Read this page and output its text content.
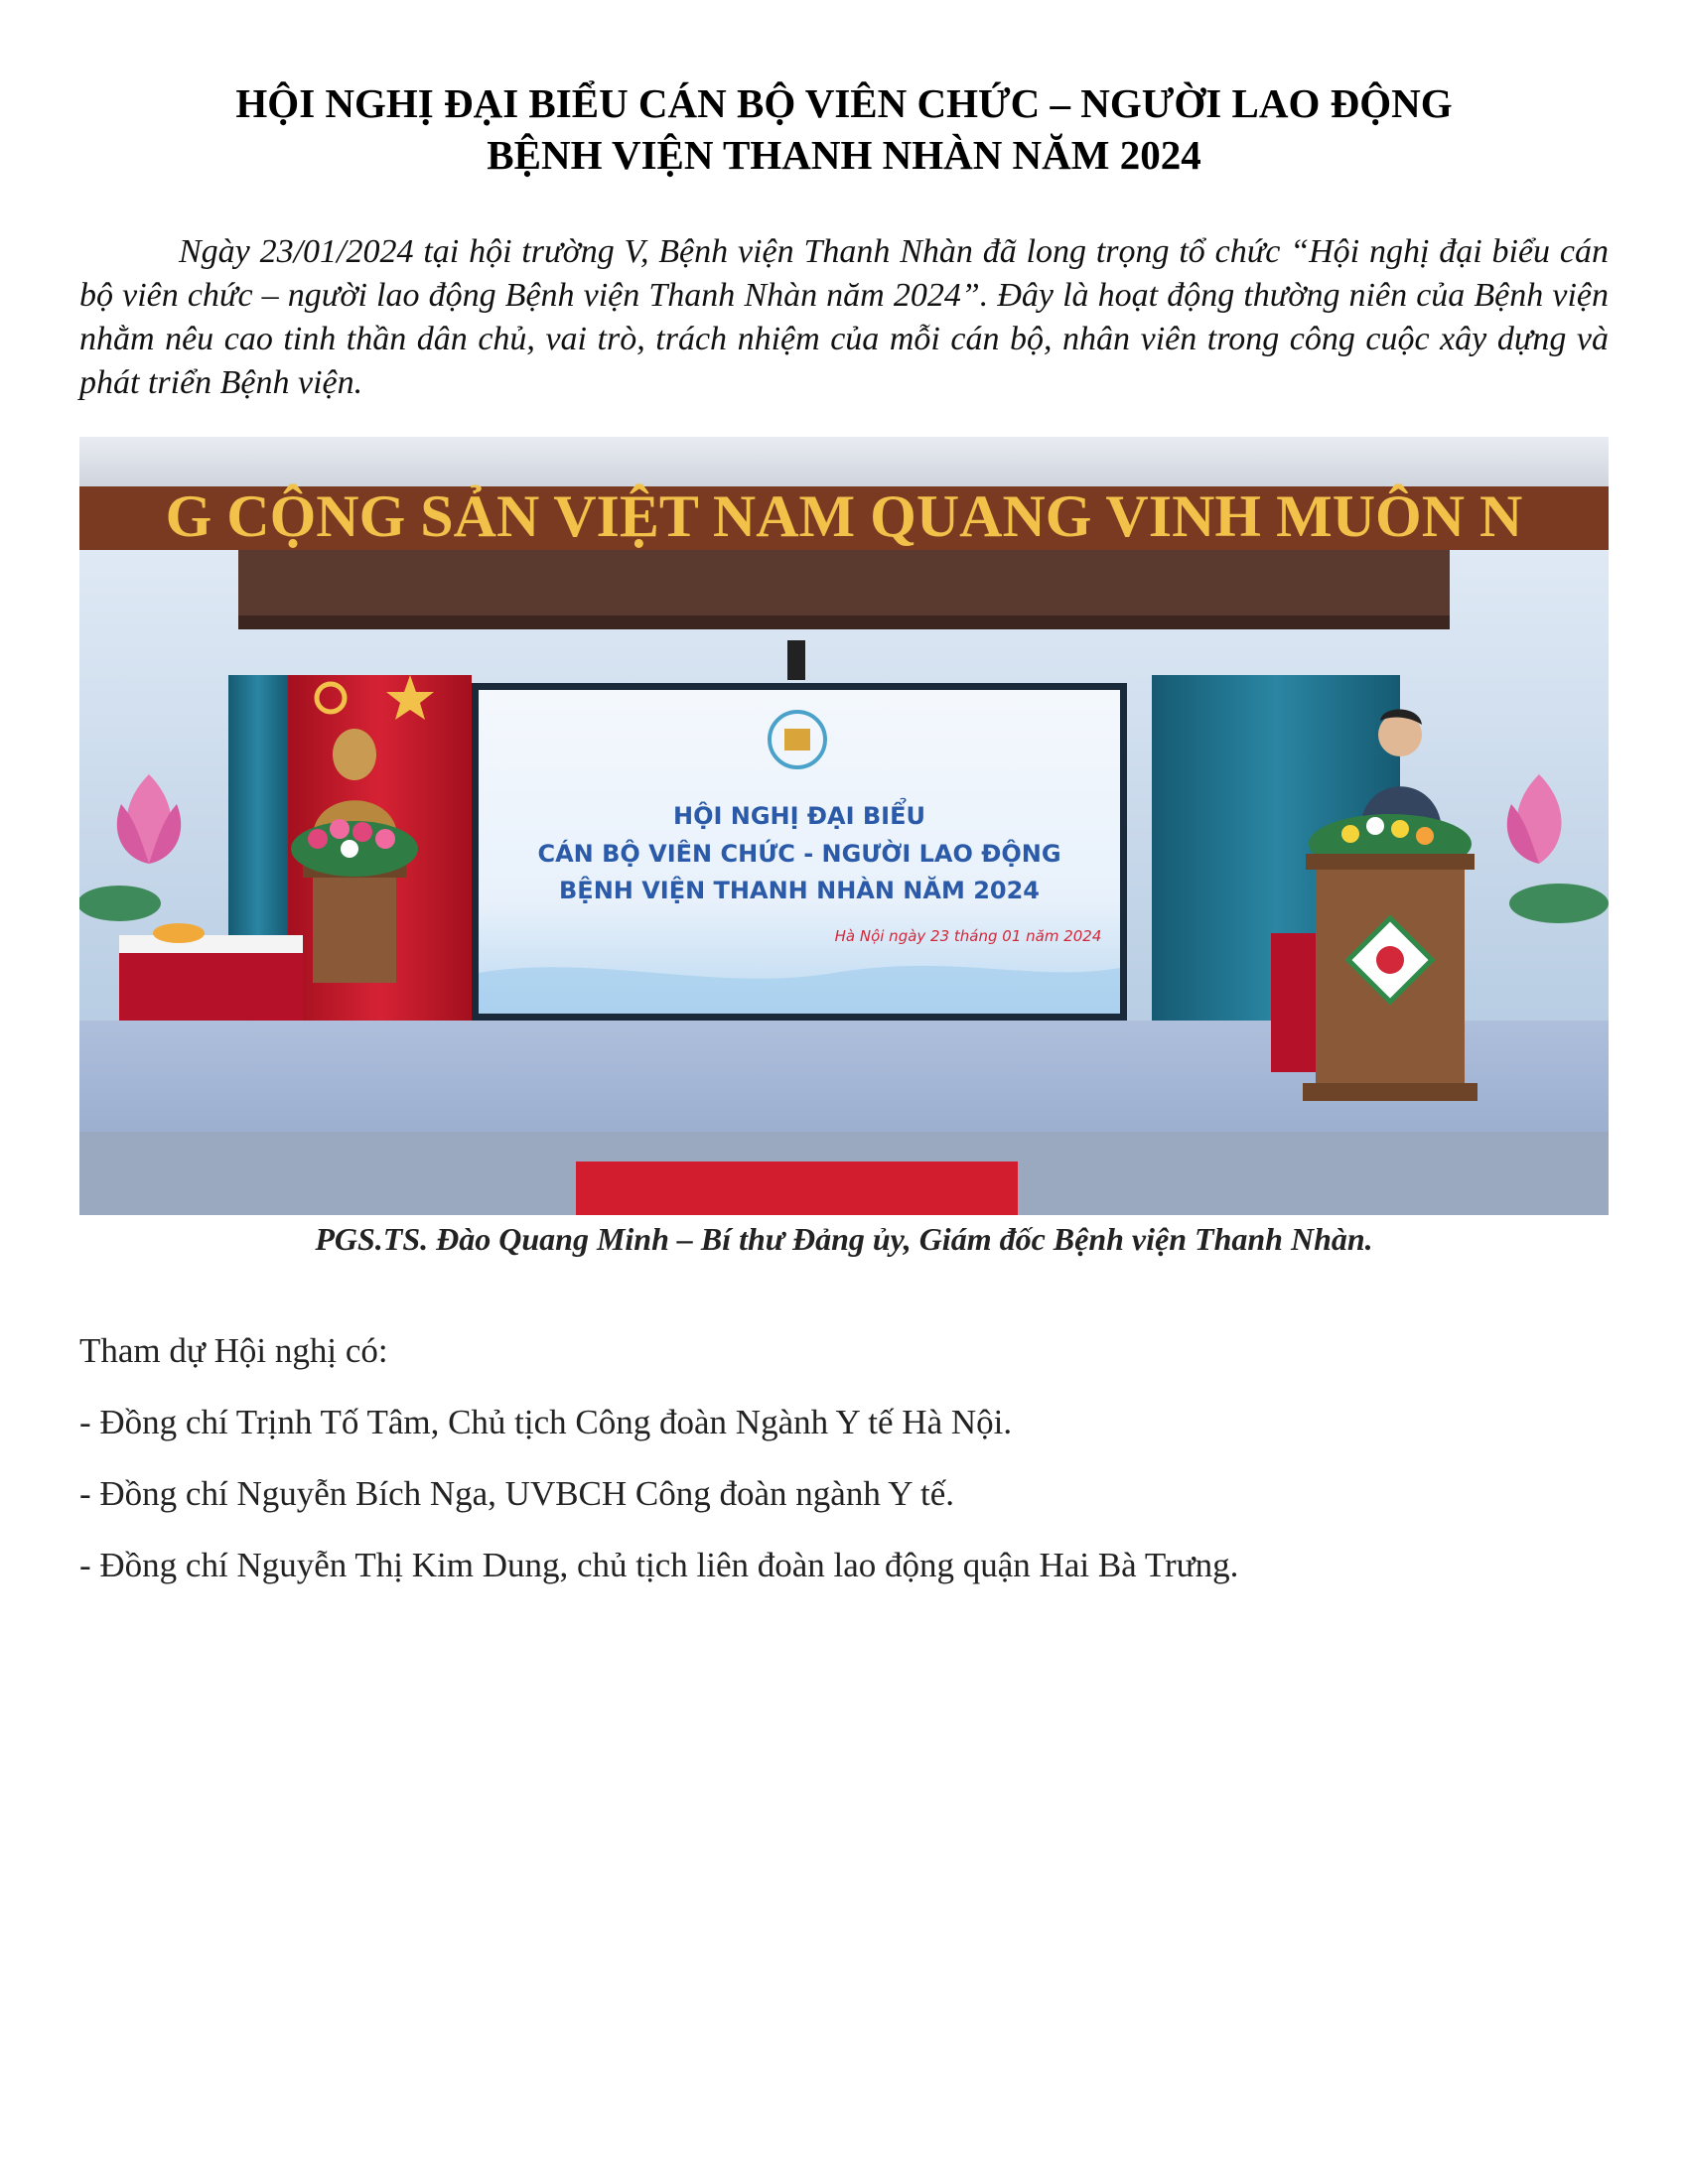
HỘI NGHỊ ĐẠI BIỂU CÁN BỘ VIÊN CHỨC – NGƯỜI LAO ĐỘNG
BỆNH VIỆN THANH NHÀN NĂM 2024

Ngày 23/01/2024 tại hội trường V, Bệnh viện Thanh Nhàn đã long trọng tổ chức “Hội nghị đại biểu cán bộ viên chức – người lao động Bệnh viện Thanh Nhàn năm 2024”. Đây là hoạt động thường niên của Bệnh viện nhằm nêu cao tinh thần dân chủ, vai trò, trách nhiệm của mỗi cán bộ, nhân viên trong công cuộc xây dựng và phát triển Bệnh viện.

G CỘNG SẢN VIỆT NAM QUANG VINH MUÔN N
HỘI NGHỊ ĐẠI BIỂU
CÁN BỘ VIÊN CHỨC - NGƯỜI LAO ĐỘNG
BỆNH VIỆN THANH NHÀN NĂM 2024
Hà Nội ngày 23 tháng 01 năm 2024

PGS.TS. Đào Quang Minh – Bí thư Đảng ủy, Giám đốc Bệnh viện Thanh Nhàn.

Tham dự Hội nghị có:
- Đồng chí Trịnh Tố Tâm, Chủ tịch Công đoàn Ngành Y tế Hà Nội.
- Đồng chí Nguyễn Bích Nga, UVBCH Công đoàn ngành Y tế.
- Đồng chí Nguyễn Thị Kim Dung, chủ tịch liên đoàn lao động quận Hai Bà Trưng.
